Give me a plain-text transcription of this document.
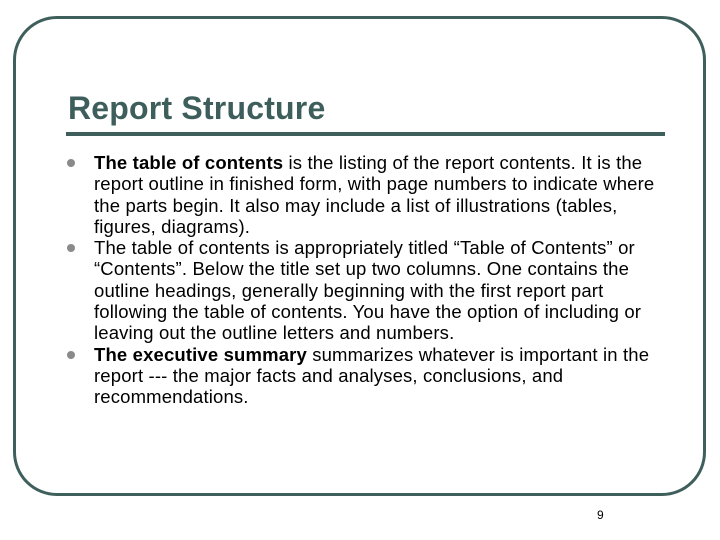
Report Structure
The table of contents is the listing of the report contents. It is the report outline in finished form, with page numbers to indicate where the parts begin. It also may include a list of illustrations (tables, figures, diagrams).
The table of contents is appropriately titled “Table of Contents” or “Contents”. Below the title set up two columns. One contains the outline headings, generally beginning with the first report part following the table of contents. You have the option of including or leaving out the outline letters and numbers.
The executive summary summarizes whatever is important in the report --- the major facts and analyses, conclusions, and recommendations.
9
